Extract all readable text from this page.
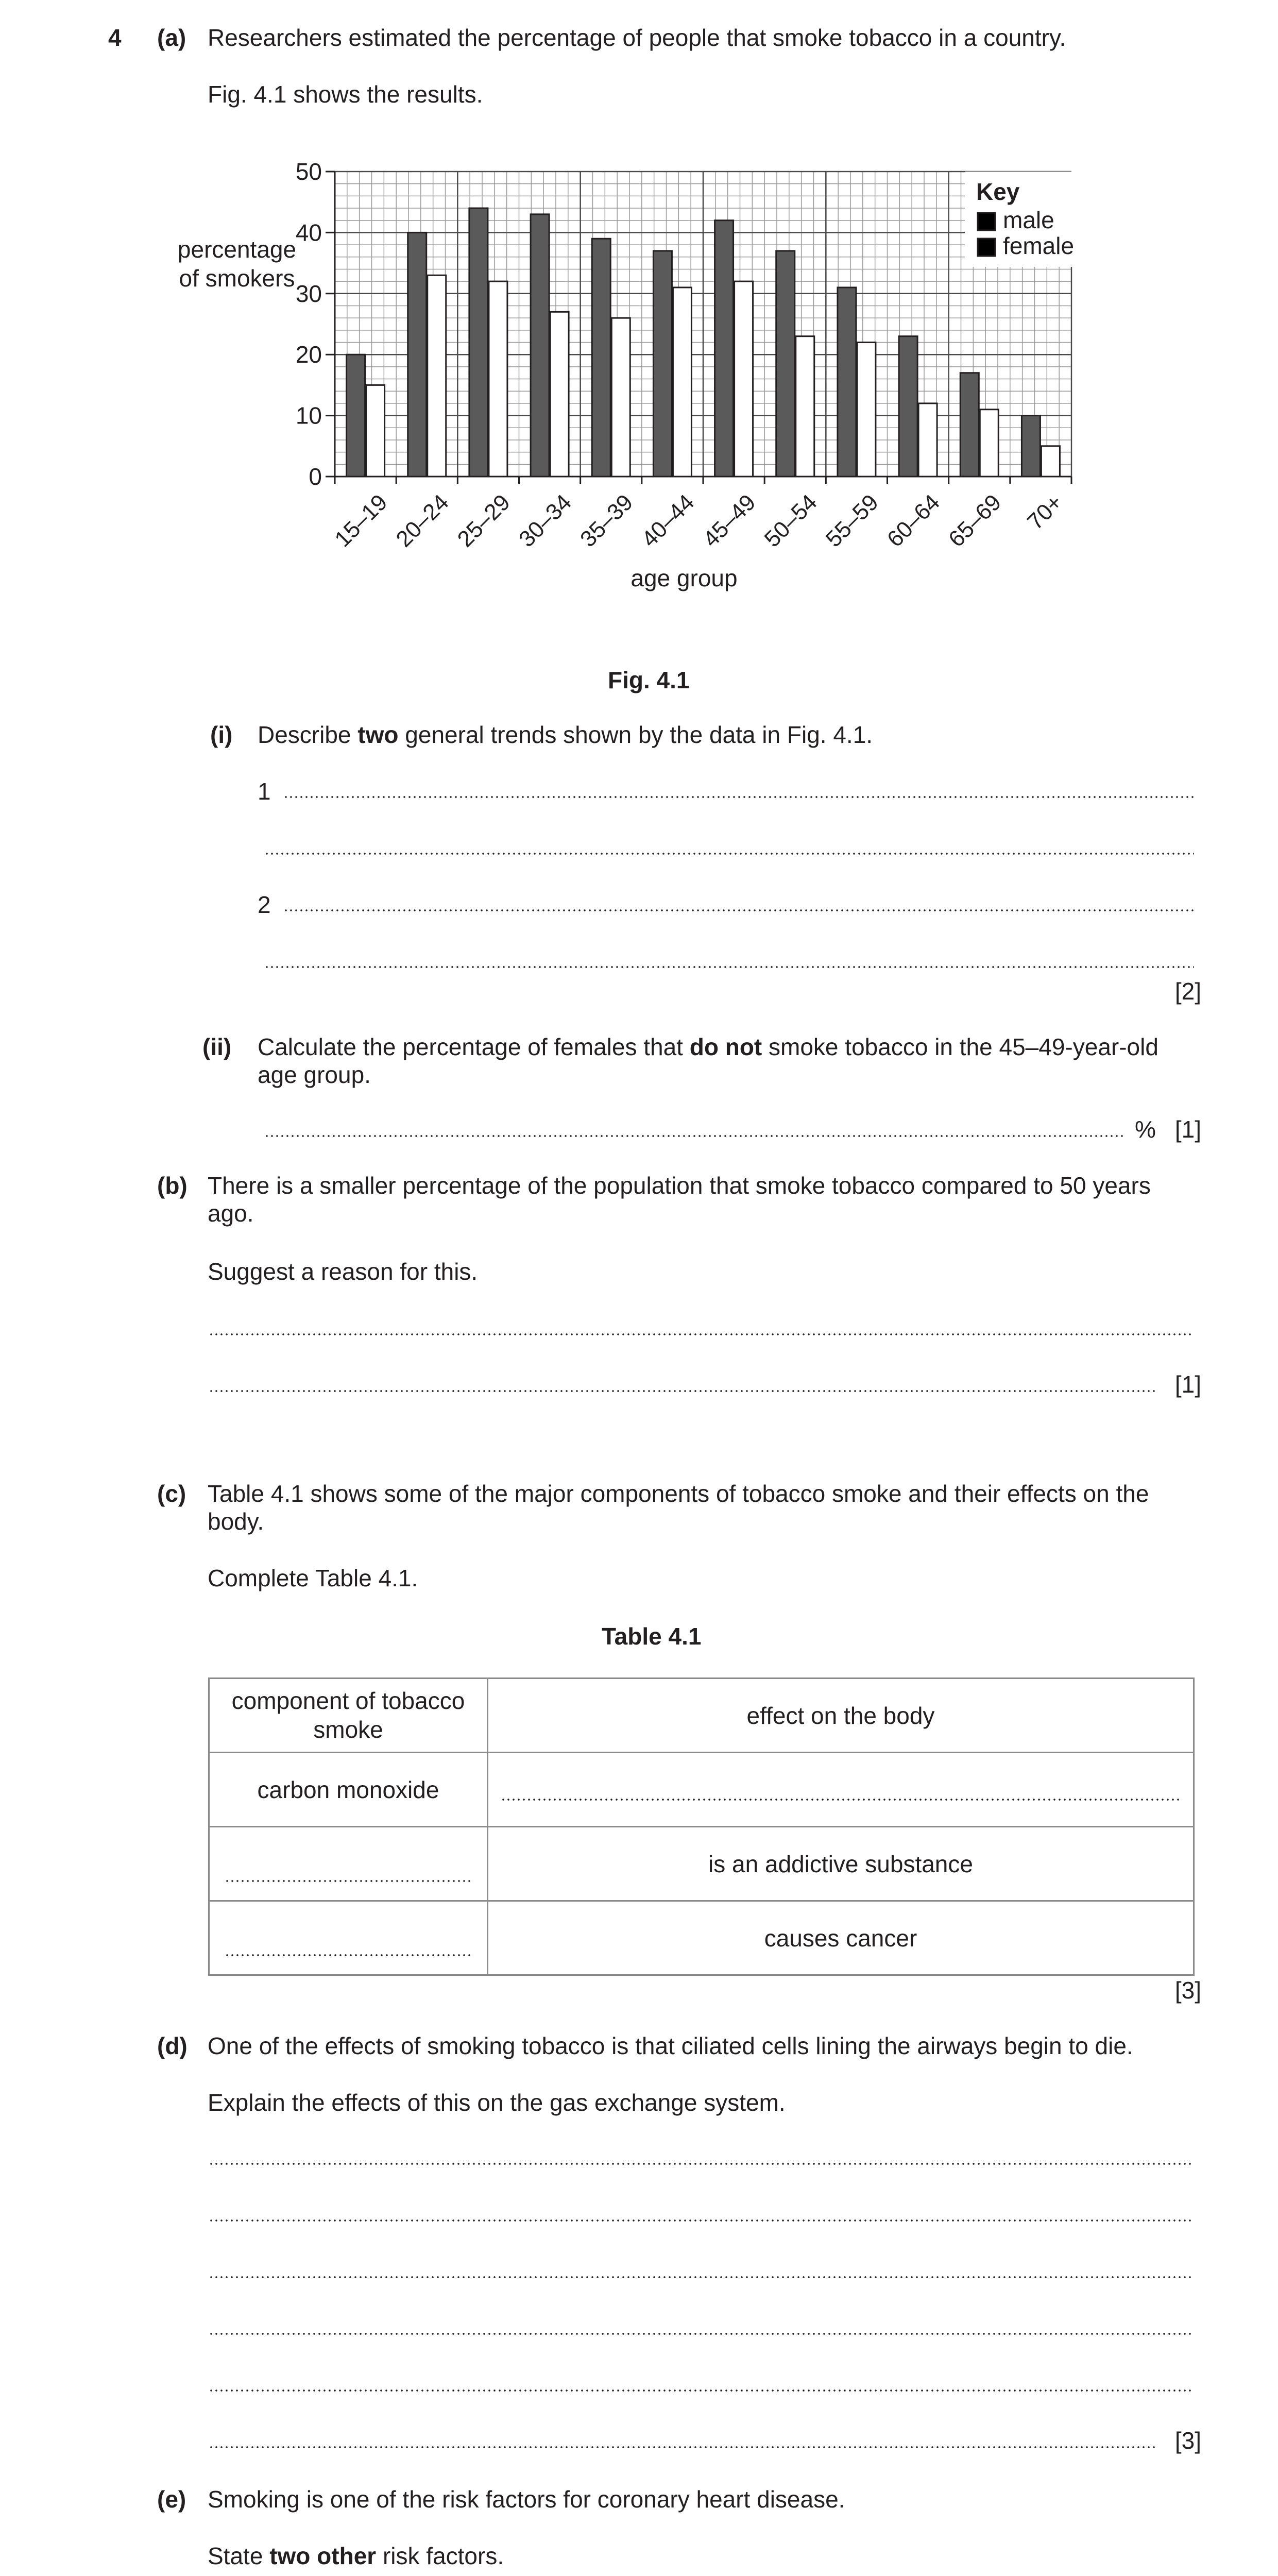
4 (a) Researchers estimated the percentage of people that smoke tobacco in a country.
Fig. 4.1 shows the results.
0
10
20
30
40
50
15–19
20–24
25–29
30–34
35–39
40–44
45–49
50–54
55–59
60–64
65–69 70+
percentage
of smokers
age group
Key
male
female
Fig. 4.1
(i) Describe two general trends shown by the data in Fig. 4.1.
1
2
[2]
(ii) Calculate the percentage of females that do not smoke tobacco in the 45–49-year-old
age group.
% [1]
(b) There is a smaller percentage of the population that smoke tobacco compared to 50 years
ago.
Suggest a reason for this.
[1]
(c) Table 4.1 shows some of the major components of tobacco smoke and their effects on the
body.
Complete Table 4.1.
Table 4.1
component of tobacco
smoke	effect on the body
carbon monoxide	
	is an addictive substance
	causes cancer
[3]
(d) One of the effects of smoking tobacco is that ciliated cells lining the airways begin to die.
Explain the effects of this on the gas exchange system.
[3]
(e) Smoking is one of the risk factors for coronary heart disease.
State two other risk factors.
